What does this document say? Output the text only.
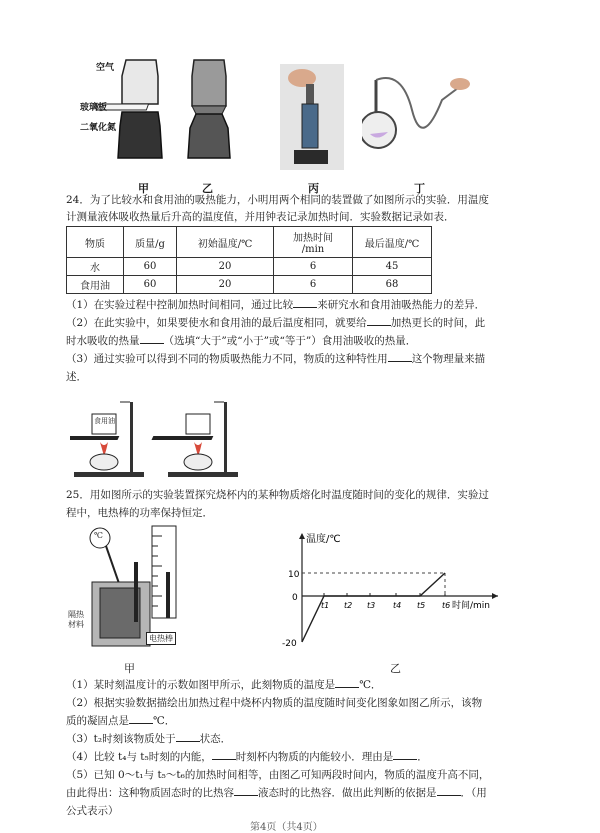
空气
玻璃板
二氧化氮
甲	乙	丙	丁
24．为了比较水和食用油的吸热能力，小明用两个相同的装置做了如图所示的实验．用温度
计测量液体吸收热量后升高的温度值，并用钟表记录加热时间．实验数据记录如表．
物质	质量/g	初始温度/℃	加热时间
/min	最后温度/℃
水	60	20	6	45
食用油	60	20	6	68
（1）在实验过程中控制加热时间相同，通过比较 来研究水和食用油吸热能力的差异．
（2）在此实验中，如果要使水和食用油的最后温度相同，就要给 加热更长的时间，此
时水吸收的热量 （选填“大于”或“小于”或“等于”）食用油吸收的热量．
（3）通过实验可以得到不同的物质吸热能力不同，物质的这种特性用 这个物理量来描
述．
食用油
25．用如图所示的实验装置探究烧杯内的某种物质熔化时温度随时间的变化的规律．实验过
程中，电热棒的功率保持恒定．
℃
隔热材料
电热棒
甲
温度/℃
时间/min
10
0
-20
t1 t2 t3 t4 t5 t6
乙
（1）某时刻温度计的示数如图甲所示，此刻物质的温度是 ℃．
（2）根据实验数据描绘出加热过程中烧杯内物质的温度随时间变化图象如图乙所示，该物
质的凝固点是 ℃．
（3）t₂时刻该物质处于 状态．
（4）比较 t₄与 t₅时刻的内能， 时刻杯内物质的内能较小．理由是 ．
（5）已知 0～t₁与 t₅～t₆的加热时间相等，由图乙可知两段时间内，物质的温度升高不同，
由此得出：这种物质固态时的比热容 液态时的比热容．做出此判断的依据是 ．（用
公式表示）
第4页（共4页）
